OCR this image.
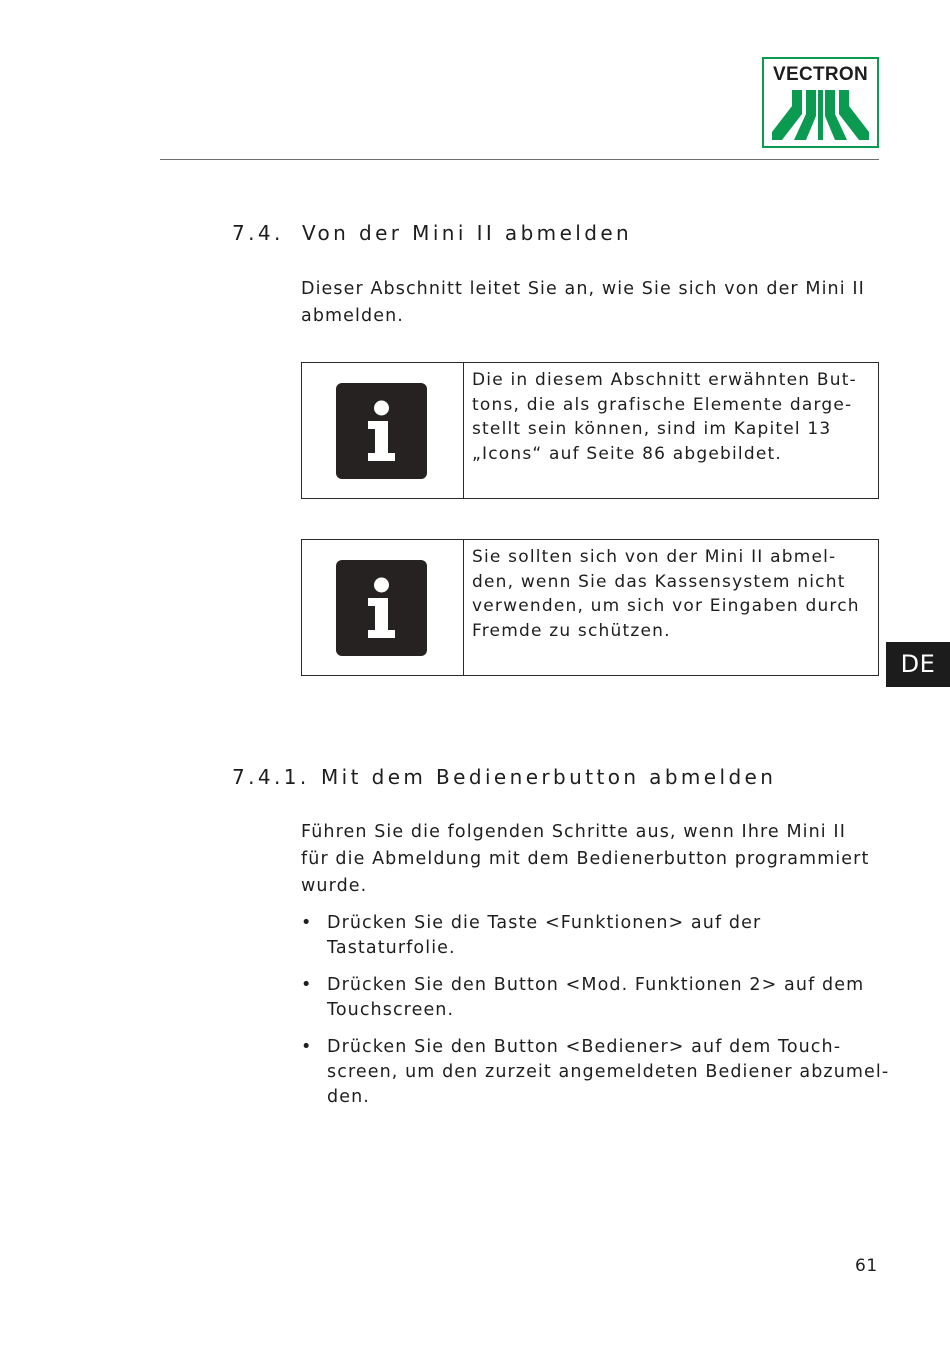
VECTRON
7.4. Von der Mini II abmelden

Dieser Abschnitt leitet Sie an, wie Sie sich von der Mini II abmelden.

Die in diesem Abschnitt erwähnten But-
tons, die als grafische Elemente darge-
stellt sein können, sind im Kapitel 13
„Icons“ auf Seite 86 abgebildet.

Sie sollten sich von der Mini II abmel-
den, wenn Sie das Kassensystem nicht
verwenden, um sich vor Eingaben durch
Fremde zu schützen.

DE
7.4.1. Mit dem Bedienerbutton abmelden

Führen Sie die folgenden Schritte aus, wenn Ihre Mini II
für die Abmeldung mit dem Bedienerbutton programmiert
wurde.

• Drücken Sie die Taste <Funktionen> auf der Tastaturfolie.
• Drücken Sie den Button <Mod. Funktionen 2> auf dem
Touchscreen.
• Drücken Sie den Button <Bediener> auf dem Touch-
screen, um den zurzeit angemeldeten Bediener abzumel-
den.
61
